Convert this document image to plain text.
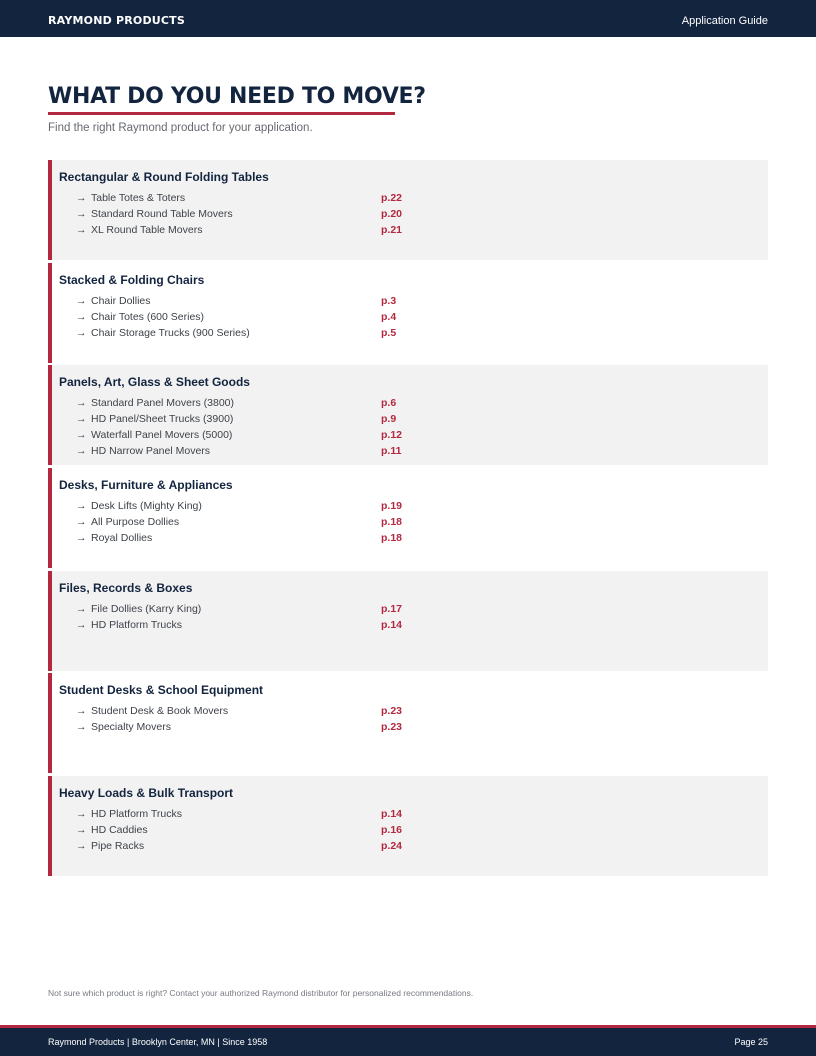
RAYMOND PRODUCTS	Application Guide
WHAT DO YOU NEED TO MOVE?

Find the right Raymond product for your application.

Rectangular & Round Folding Tables
→ Table Totes & Toters	p.22
→ Standard Round Table Movers	p.20
→ XL Round Table Movers	p.21
Stacked & Folding Chairs
→ Chair Dollies	p.3
→ Chair Totes (600 Series)	p.4
→ Chair Storage Trucks (900 Series)	p.5
Panels, Art, Glass & Sheet Goods
→ Standard Panel Movers (3800)	p.6
→ HD Panel/Sheet Trucks (3900)	p.9
→ Waterfall Panel Movers (5000)	p.12
→ HD Narrow Panel Movers	p.11
Desks, Furniture & Appliances
→ Desk Lifts (Mighty King)	p.19
→ All Purpose Dollies	p.18
→ Royal Dollies	p.18
Files, Records & Boxes
→ File Dollies (Karry King)	p.17
→ HD Platform Trucks	p.14
Student Desks & School Equipment
→ Student Desk & Book Movers	p.23
→ Specialty Movers	p.23
Heavy Loads & Bulk Transport
→ HD Platform Trucks	p.14
→ HD Caddies	p.16
→ Pipe Racks	p.24

Not sure which product is right? Contact your authorized Raymond distributor for personalized recommendations.

Raymond Products | Brooklyn Center, MN | Since 1958	Page 25
